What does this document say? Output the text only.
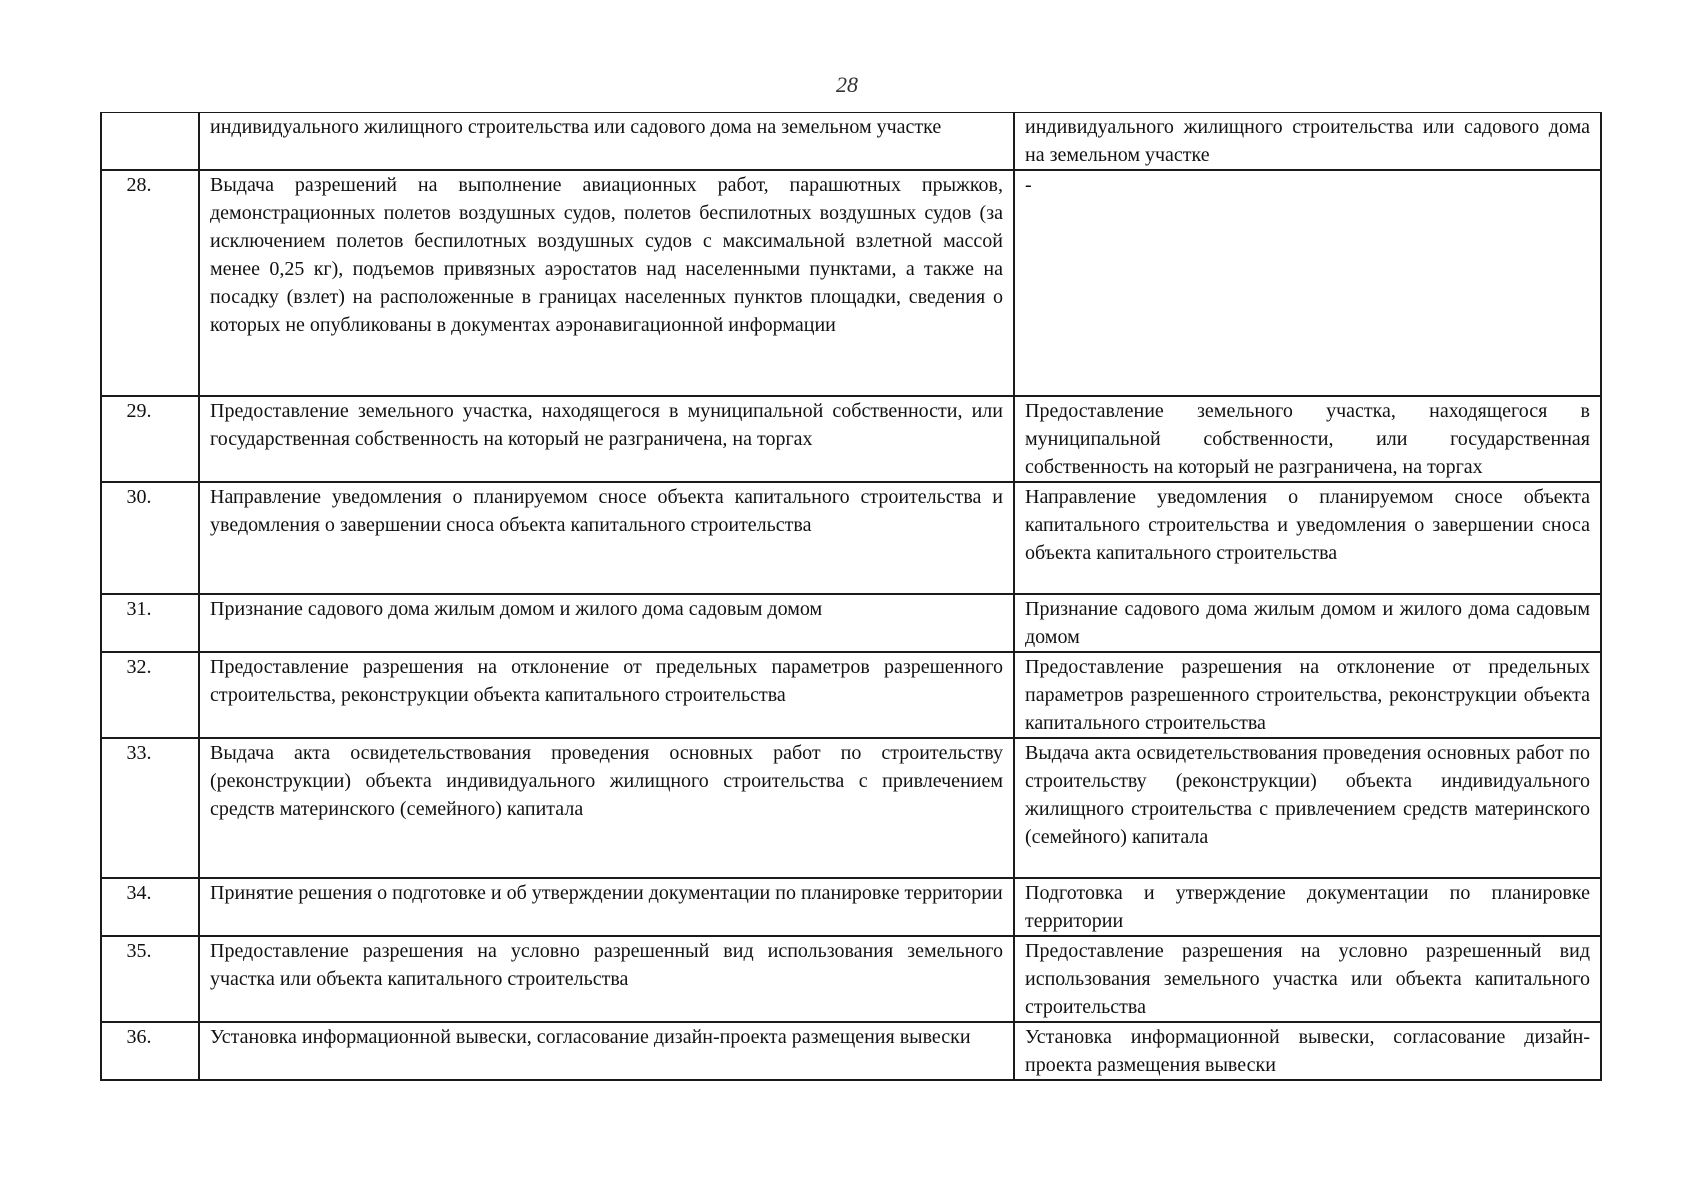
28
	индивидуального жилищного строительства или садового дома на земельном участке	индивидуального жилищного строительства или садового дома на земельном участке
28.	Выдача разрешений на выполнение авиационных работ, парашютных прыжков, демонстрационных полетов воздушных судов, полетов беспилотных воздушных судов (за исключением полетов беспилотных воздушных судов с максимальной взлетной массой менее 0,25 кг), подъемов привязных аэростатов над населенными пунктами, а также на посадку (взлет) на расположенные в границах населенных пунктов площадки, сведения о которых не опубликованы в документах аэронавигационной информации	-
29.	Предоставление земельного участка, находящегося в муниципальной собственности, или государственная собственность на который не разграничена, на торгах	Предоставление земельного участка, находящегося в муниципальной собственности, или государственная собственность на который не разграничена, на торгах
30.	Направление уведомления о планируемом сносе объекта капитального строительства и уведомления о завершении сноса объекта капитального строительства	Направление уведомления о планируемом сносе объекта капитального строительства и уведомления о завершении сноса объекта капитального строительства
31.	Признание садового дома жилым домом и жилого дома садовым домом	Признание садового дома жилым домом и жилого дома садовым домом
32.	Предоставление разрешения на отклонение от предельных параметров разрешенного строительства, реконструкции объекта капитального строительства	Предоставление разрешения на отклонение от предельных параметров разрешенного строительства, реконструкции объекта капитального строительства
33.	Выдача акта освидетельствования проведения основных работ по строительству (реконструкции) объекта индивидуального жилищного строительства с привлечением средств материнского (семейного) капитала	Выдача акта освидетельствования проведения основных работ по строительству (реконструкции) объекта индивидуального жилищного строительства с привлечением средств материнского (семейного) капитала
34.	Принятие решения о подготовке и об утверждении документации по планировке территории	Подготовка и утверждение документации по планировке территории
35.	Предоставление разрешения на условно разрешенный вид использования земельного участка или объекта капитального строительства	Предоставление разрешения на условно разрешенный вид использования земельного участка или объекта капитального строительства
36.	Установка информационной вывески, согласование дизайн-проекта размещения вывески	Установка информационной вывески, согласование дизайн-проекта размещения вывески
